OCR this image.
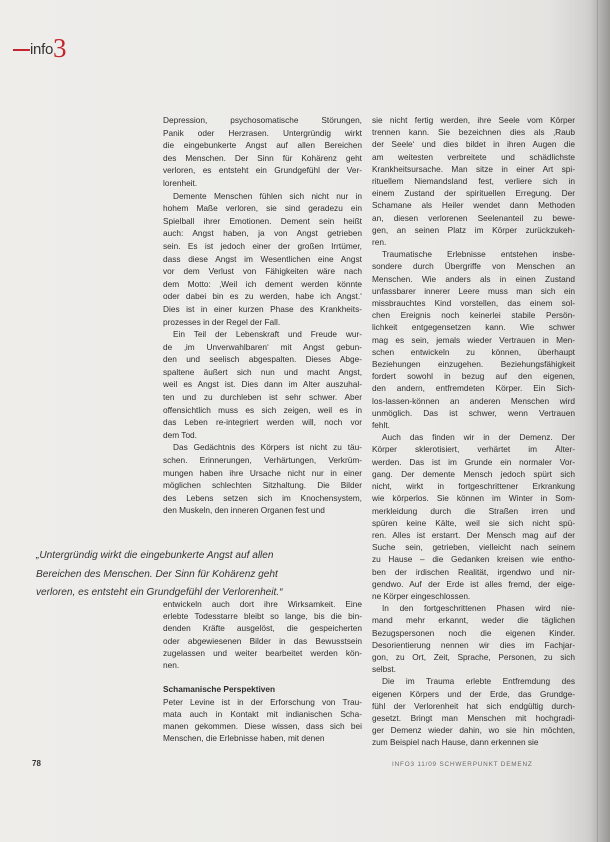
info3
Depression, psychosomatische Störungen,
Panik oder Herzrasen. Untergründig wirkt
die eingebunkerte Angst auf allen Bereichen
des Menschen. Der Sinn für Kohärenz geht
verloren, es entsteht ein Grundgefühl der Ver-
lorenheit.
Demente Menschen fühlen sich nicht nur in
hohem Maße verloren, sie sind geradezu ein
Spielball ihrer Emotionen. Dement sein heißt
auch: Angst haben, ja von Angst getrieben
sein. Es ist jedoch einer der großen Irrtümer,
dass diese Angst im Wesentlichen eine Angst
vor dem Verlust von Fähigkeiten wäre nach
dem Motto: ‚Weil ich dement werden könnte
oder dabei bin es zu werden, habe ich Angst.‘
Dies ist in einer kurzen Phase des Krankheits-
prozesses in der Regel der Fall.
Ein Teil der Lebenskraft und Freude wur-
de ‚im Unverwahlbaren‘ mit Angst gebun-
den und seelisch abgespalten. Dieses Abge-
spaltene äußert sich nun und macht Angst,
weil es Angst ist. Dies dann im Alter auszuhal-
ten und zu durchleben ist sehr schwer. Aber
offensichtlich muss es sich zeigen, weil es in
das Leben re-integriert werden will, noch vor
dem Tod.
Das Gedächtnis des Körpers ist nicht zu täu-
schen. Erinnerungen, Verhärtungen, Verkrüm-
mungen haben ihre Ursache nicht nur in einer
möglichen schlechten Sitzhaltung. Die Bilder
des Lebens setzen sich im Knochensystem,
den Muskeln, den inneren Organen fest und
entwickeln auch dort ihre Wirksamkeit. Eine
erlebte Todesstarre bleibt so lange, bis die bin-
denden Kräfte ausgelöst, die gespeicherten
oder abgewiesenen Bilder in das Bewusstsein
zugelassen und weiter bearbeitet werden kön-
nen.
Schamanische Perspektiven
Peter Levine ist in der Erforschung von Trau-
mata auch in Kontakt mit indianischen Scha-
manen gekommen. Diese wissen, dass sich bei
Menschen, die Erlebnisse haben, mit denen
sie nicht fertig werden, ihre Seele vom Körper
trennen kann. Sie bezeichnen dies als ‚Raub
der Seele‘ und dies bildet in ihren Augen die
am weitesten verbreitete und schädlichste
Krankheitsursache. Man sitze in einer Art spi-
rituellem Niemandsland fest, verliere sich in
einem Zustand der spirituellen Erregung. Der
Schamane als Heiler wendet dann Methoden
an, diesen verlorenen Seelenanteil zu bewe-
gen, an seinen Platz im Körper zurückzukeh-
ren.
Traumatische Erlebnisse entstehen insbe-
sondere durch Übergriffe von Menschen an
Menschen. Wie anders als in einen Zustand
unfassbarer innerer Leere muss man sich ein
missbrauchtes Kind vorstellen, das einem sol-
chen Ereignis noch keinerlei stabile Persön-
lichkeit entgegensetzen kann. Wie schwer
mag es sein, jemals wieder Vertrauen in Men-
schen entwickeln zu können, überhaupt
Beziehungen einzugehen. Beziehungsfähigkeit
fordert sowohl in bezug auf den eigenen,
den andern, entfremdeten Körper. Ein Sich-
los-lassen-können an anderen Menschen wird
unmöglich. Das ist schwer, wenn Vertrauen
fehlt.
Auch das finden wir in der Demenz. Der
Körper sklerotisiert, verhärtet im Älter-
werden. Das ist im Grunde ein normaler Vor-
gang. Der demente Mensch jedoch spürt sich
nicht, wirkt in fortgeschrittener Erkrankung
wie körperlos. Sie können im Winter in Som-
merkleidung durch die Straßen irren und
spüren keine Kälte, weil sie sich nicht spü-
ren. Alles ist erstarrt. Der Mensch mag auf der
Suche sein, getrieben, vielleicht nach seinem
zu Hause – die Gedanken kreisen wie entho-
ben der irdischen Realität, irgendwo und nir-
gendwo. Auf der Erde ist alles fremd, der eige-
ne Körper eingeschlossen.
In den fortgeschrittenen Phasen wird nie-
mand mehr erkannt, weder die täglichen
Bezugspersonen noch die eigenen Kinder.
Desorientierung nennen wir dies im Fachjar-
gon, zu Ort, Zeit, Sprache, Personen, zu sich
selbst.
Die im Trauma erlebte Entfremdung des
eigenen Körpers und der Erde, das Grundge-
fühl der Verlorenheit hat sich endgültig durch-
gesetzt. Bringt man Menschen mit hochgradi-
ger Demenz wieder dahin, wo sie hin möchten,
zum Beispiel nach Hause, dann erkennen sie
„Untergründig wirkt die eingebunkerte Angst auf allen
Bereichen des Menschen. Der Sinn für Kohärenz geht
verloren, es entsteht ein Grundgefühl der Verlorenheit.“
78	INFO3 11/09 SCHWERPUNKT DEMENZ
